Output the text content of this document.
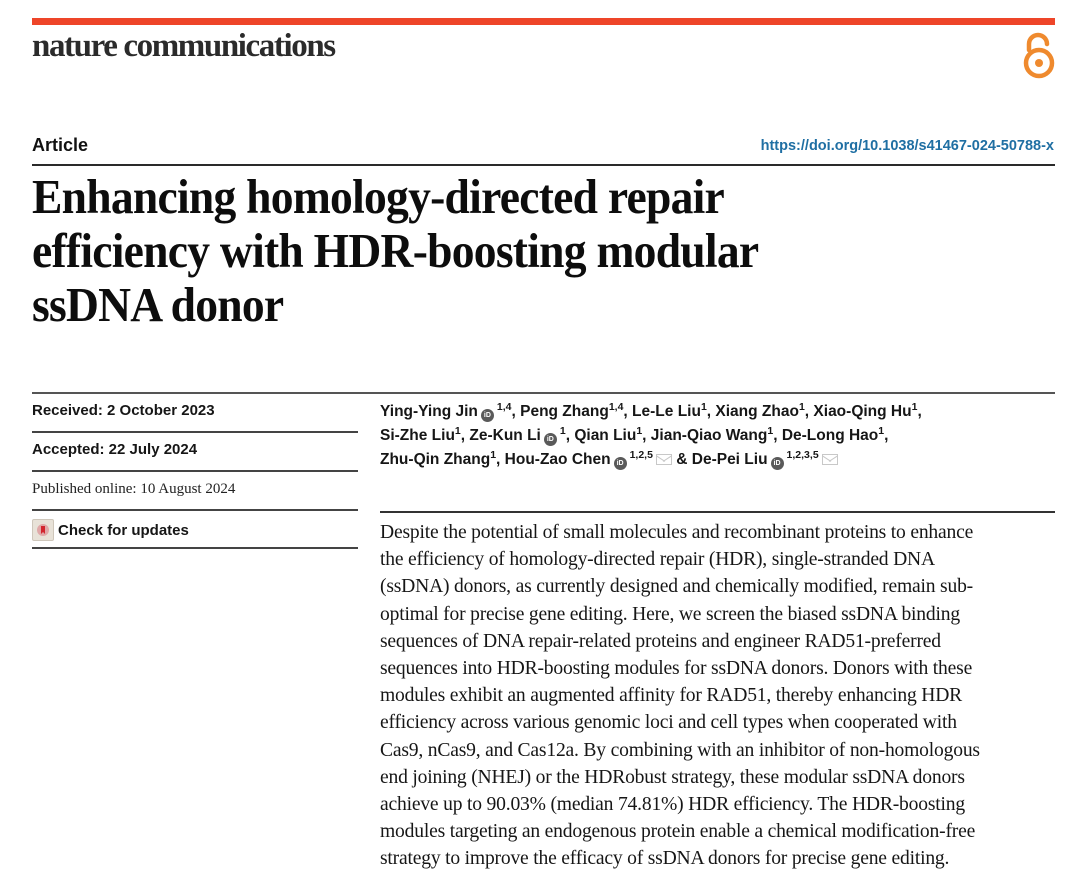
nature communications
Article	https://doi.org/10.1038/s41467-024-50788-x
Enhancing homology-directed repair
efficiency with HDR-boosting modular
ssDNA donor
Received: 2 October 2023
Accepted: 22 July 2024
Published online: 10 August 2024
Check for updates
Ying-Ying Jin iD$^{1,4}$, Peng Zhang$^{1,4}$, Le-Le Liu$^1$, Xiang Zhao$^1$, Xiao-Qing Hu$^1$,
Si-Zhe Liu$^1$, Ze-Kun Li $iD^1$, Qian Liu$^1$, Jian-Qiao Wang$^1$, De-Long Hao$^1$,
Zhu-Qin Zhang$^1$, Hou-Zao Chen iD$^{1,2,5}$ & De-Pei Liu iD$^{1,2,3,5}$
Despite the potential of small molecules and recombinant proteins to enhance
the efficiency of homology-directed repair (HDR), single-stranded DNA
(ssDNA) donors, as currently designed and chemically modified, remain sub-
optimal for precise gene editing. Here, we screen the biased ssDNA binding
sequences of DNA repair-related proteins and engineer RAD51-preferred
sequences into HDR-boosting modules for ssDNA donors. Donors with these
modules exhibit an augmented affinity for RAD51, thereby enhancing HDR
efficiency across various genomic loci and cell types when cooperated with
Cas9, nCas9, and Cas12a. By combining with an inhibitor of non-homologous
end joining (NHEJ) or the HDRobust strategy, these modular ssDNA donors
achieve up to 90.03% (median 74.81%) HDR efficiency. The HDR-boosting
modules targeting an endogenous protein enable a chemical modification-free
strategy to improve the efficacy of ssDNA donors for precise gene editing.
